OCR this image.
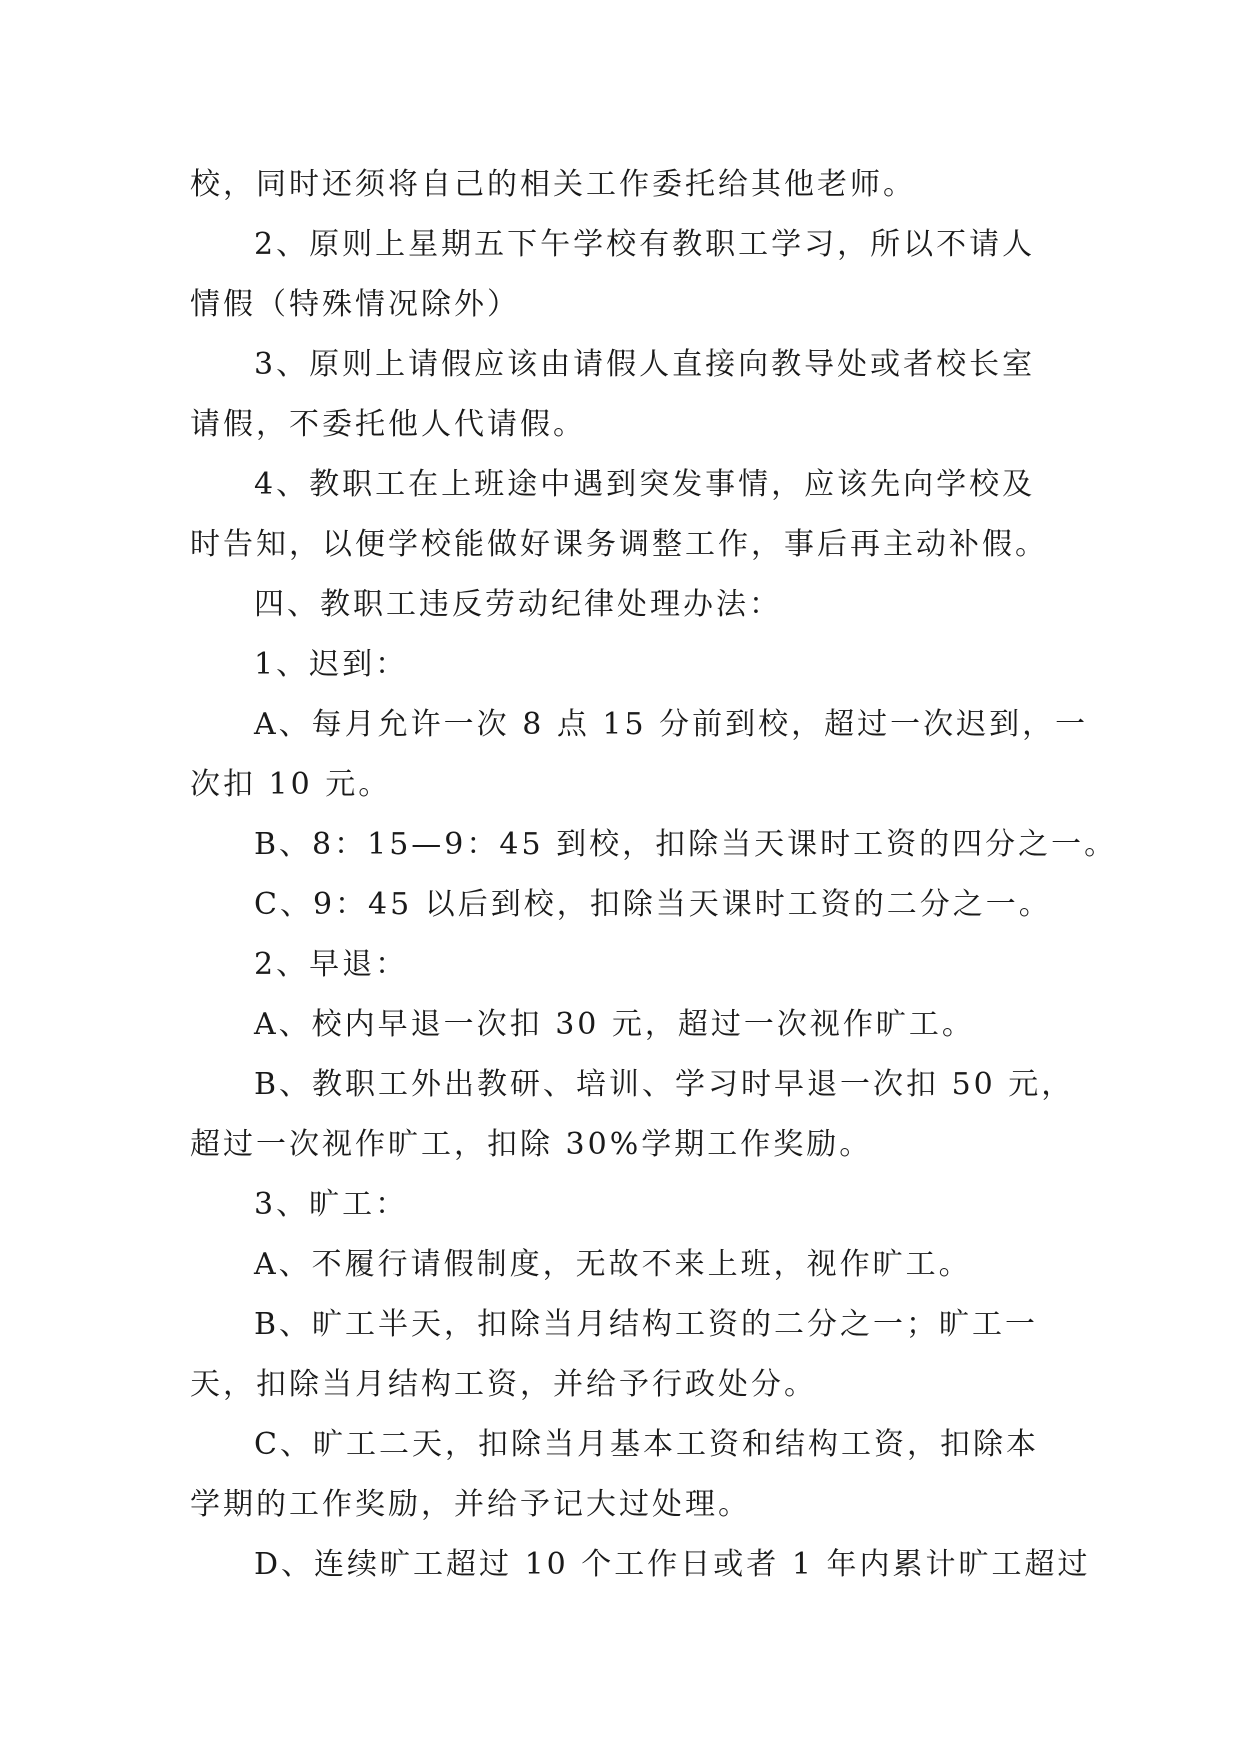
校，同时还须将自己的相关工作委托给其他老师。
2、原则上星期五下午学校有教职工学习，所以不请人
情假（特殊情况除外）
3、原则上请假应该由请假人直接向教导处或者校长室
请假，不委托他人代请假。
4、教职工在上班途中遇到突发事情，应该先向学校及
时告知，以便学校能做好课务调整工作，事后再主动补假。
四、教职工违反劳动纪律处理办法：
1、迟到：
A、每月允许一次 8 点 15 分前到校，超过一次迟到，一
次扣 10 元。
B、8：15—9：45 到校，扣除当天课时工资的四分之一。
C、9：45 以后到校，扣除当天课时工资的二分之一。
2、早退：
A、校内早退一次扣 30 元，超过一次视作旷工。
B、教职工外出教研、培训、学习时早退一次扣 50 元，
超过一次视作旷工，扣除 30%学期工作奖励。
3、旷工：
A、不履行请假制度，无故不来上班，视作旷工。
B、旷工半天，扣除当月结构工资的二分之一；旷工一
天，扣除当月结构工资，并给予行政处分。
C、旷工二天，扣除当月基本工资和结构工资，扣除本
学期的工作奖励，并给予记大过处理。
D、连续旷工超过 10 个工作日或者 1 年内累计旷工超过
